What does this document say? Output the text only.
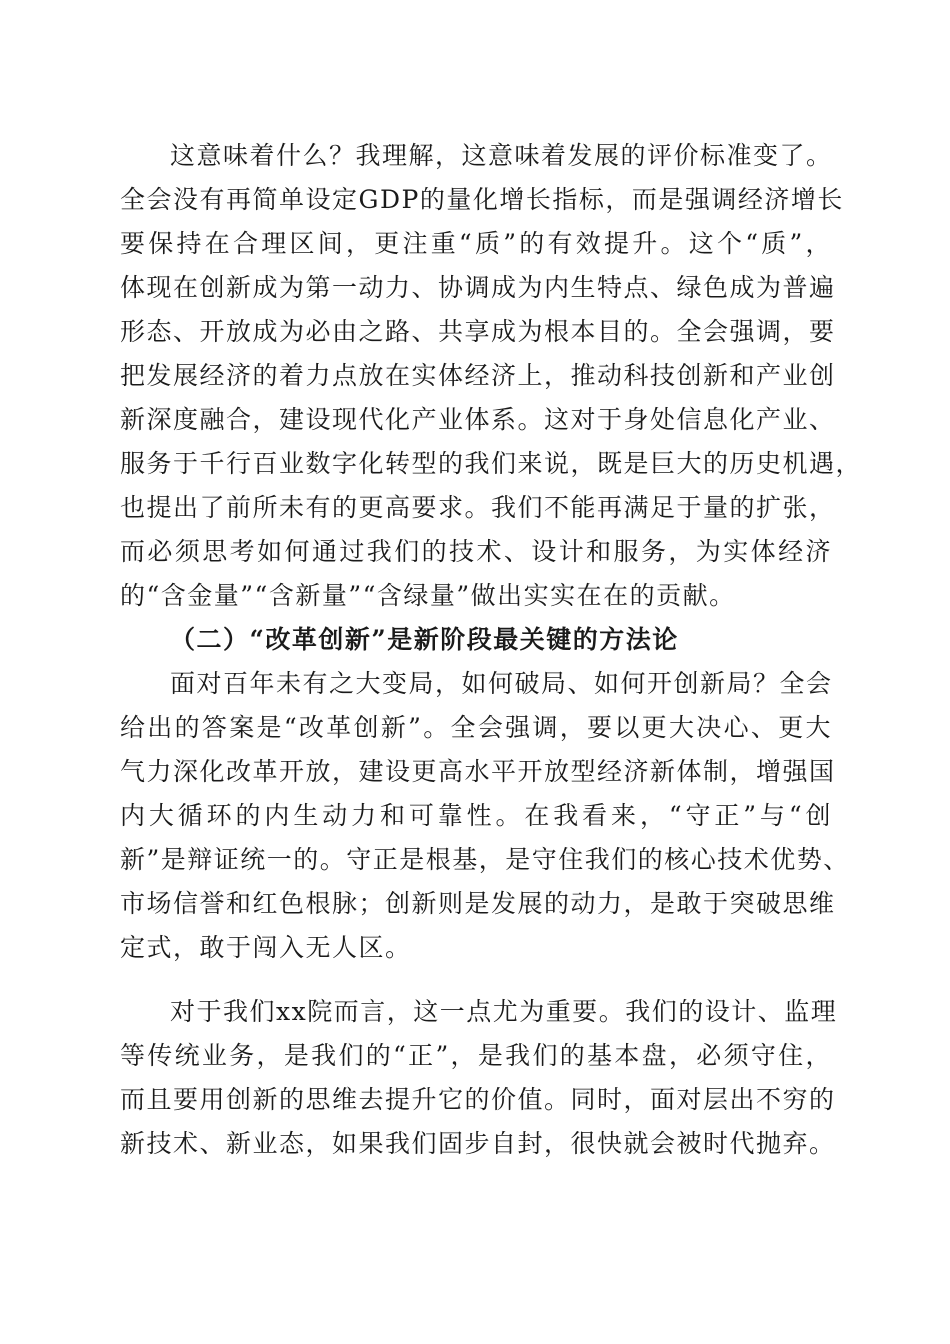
这意味着什么？我理解，这意味着发展的评价标准变了。
全会没有再简单设定GDP的量化增长指标，而是强调经济增长
要保持在合理区间，更注重“质”的有效提升。这个“质”，
体现在创新成为第一动力、协调成为内生特点、绿色成为普遍
形态、开放成为必由之路、共享成为根本目的。全会强调，要
把发展经济的着力点放在实体经济上，推动科技创新和产业创
新深度融合，建设现代化产业体系。这对于身处信息化产业、
服务于千行百业数字化转型的我们来说，既是巨大的历史机遇，
也提出了前所未有的更高要求。我们不能再满足于量的扩张，
而必须思考如何通过我们的技术、设计和服务，为实体经济
的“含金量”“含新量”“含绿量”做出实实在在的贡献。
（二）“改革创新”是新阶段最关键的方法论
面对百年未有之大变局，如何破局、如何开创新局？全会
给出的答案是“改革创新”。全会强调，要以更大决心、更大
气力深化改革开放，建设更高水平开放型经济新体制，增强国
内大循环的内生动力和可靠性。在我看来，“守正”与“创
新”是辩证统一的。守正是根基，是守住我们的核心技术优势、
市场信誉和红色根脉；创新则是发展的动力，是敢于突破思维
定式，敢于闯入无人区。
对于我们xx院而言，这一点尤为重要。我们的设计、监理
等传统业务，是我们的“正”，是我们的基本盘，必须守住，
而且要用创新的思维去提升它的价值。同时，面对层出不穷的
新技术、新业态，如果我们固步自封，很快就会被时代抛弃。
